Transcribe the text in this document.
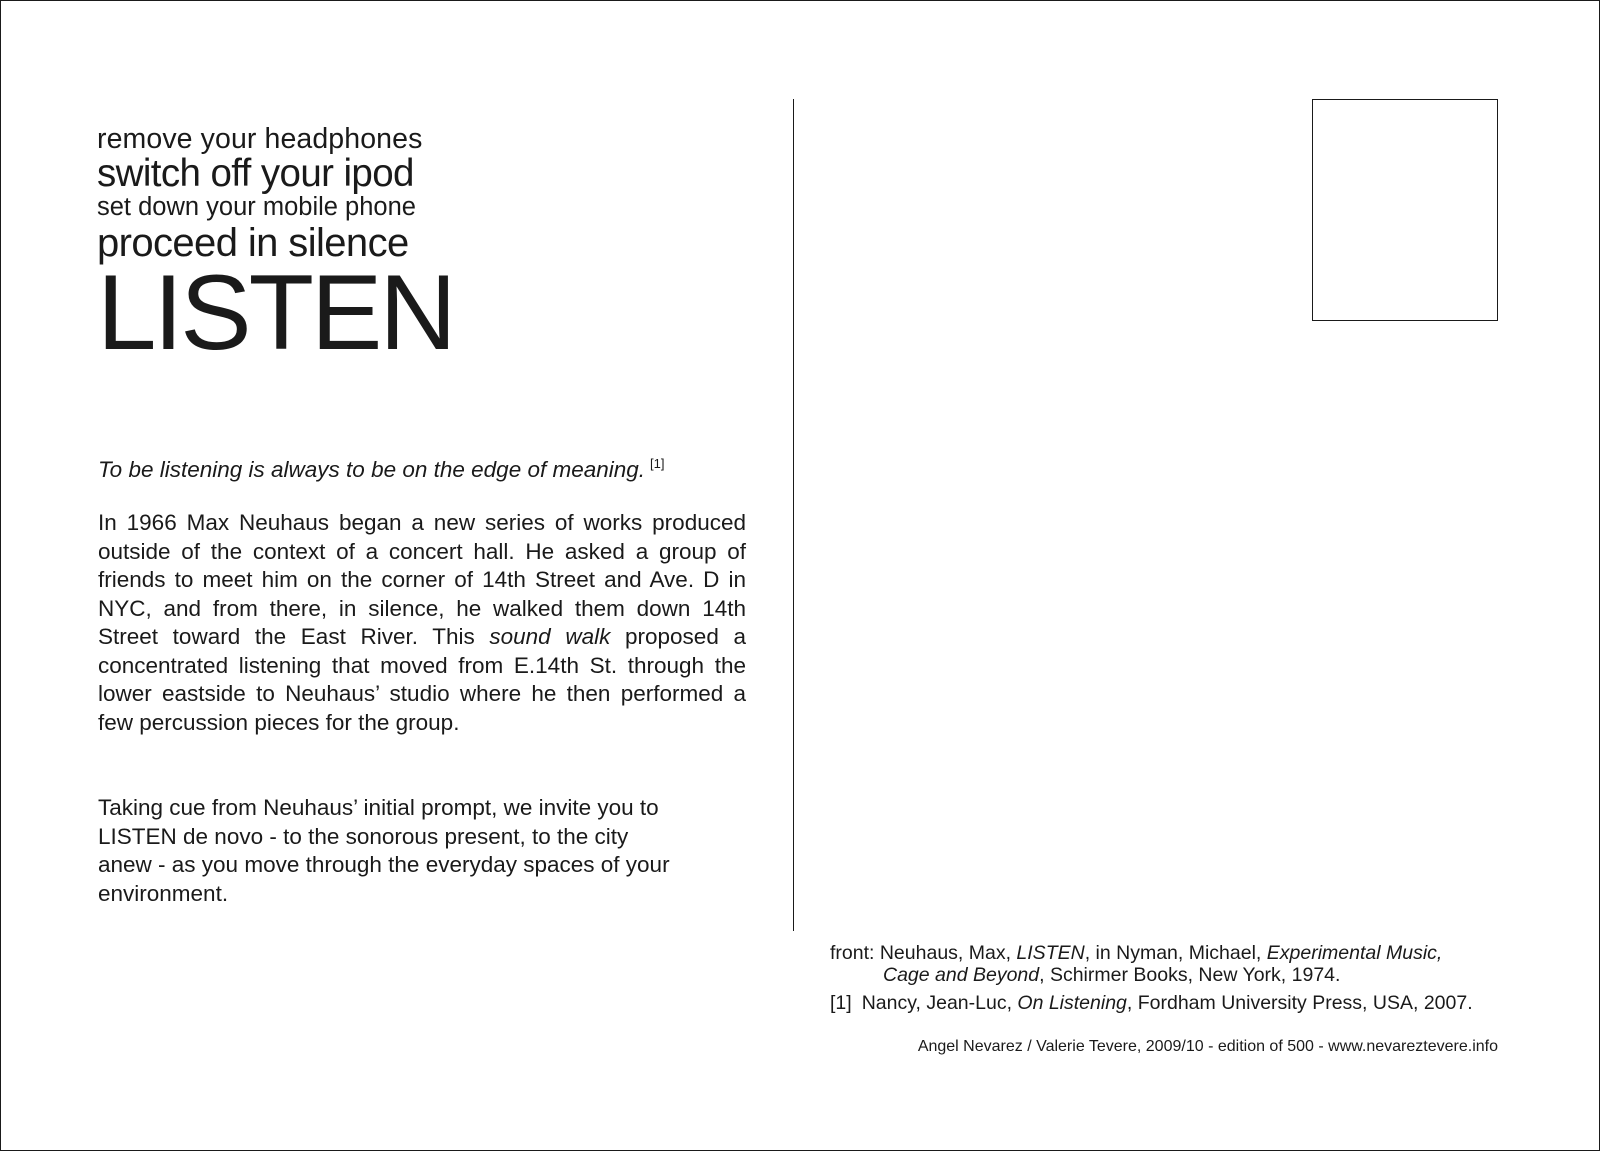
remove your headphones
switch off your ipod
set down your mobile phone
proceed in silence
LISTEN
To be listening is always to be on the edge of meaning. [1]
In 1966 Max Neuhaus began a new series of works produced outside of the context of a concert hall. He asked a group of friends to meet him on the corner of 14th Street and Ave. D in NYC, and from there, in silence, he walked them down 14th Street toward the East River. This sound walk proposed a concentrated listening that moved from E.14th St. through the lower eastside to Neuhaus’ studio where he then performed a few percussion pieces for the group.
Taking cue from Neuhaus’ initial prompt, we invite you to
LISTEN de novo - to the sonorous present, to the city
anew - as you move through the everyday spaces of your
environment.
front: Neuhaus, Max, LISTEN, in Nyman, Michael, Experimental Music,
Cage and Beyond, Schirmer Books, New York, 1974.
[1] Nancy, Jean-Luc, On Listening, Fordham University Press, USA, 2007.
Angel Nevarez / Valerie Tevere, 2009/10 - edition of 500 - www.nevareztevere.info
